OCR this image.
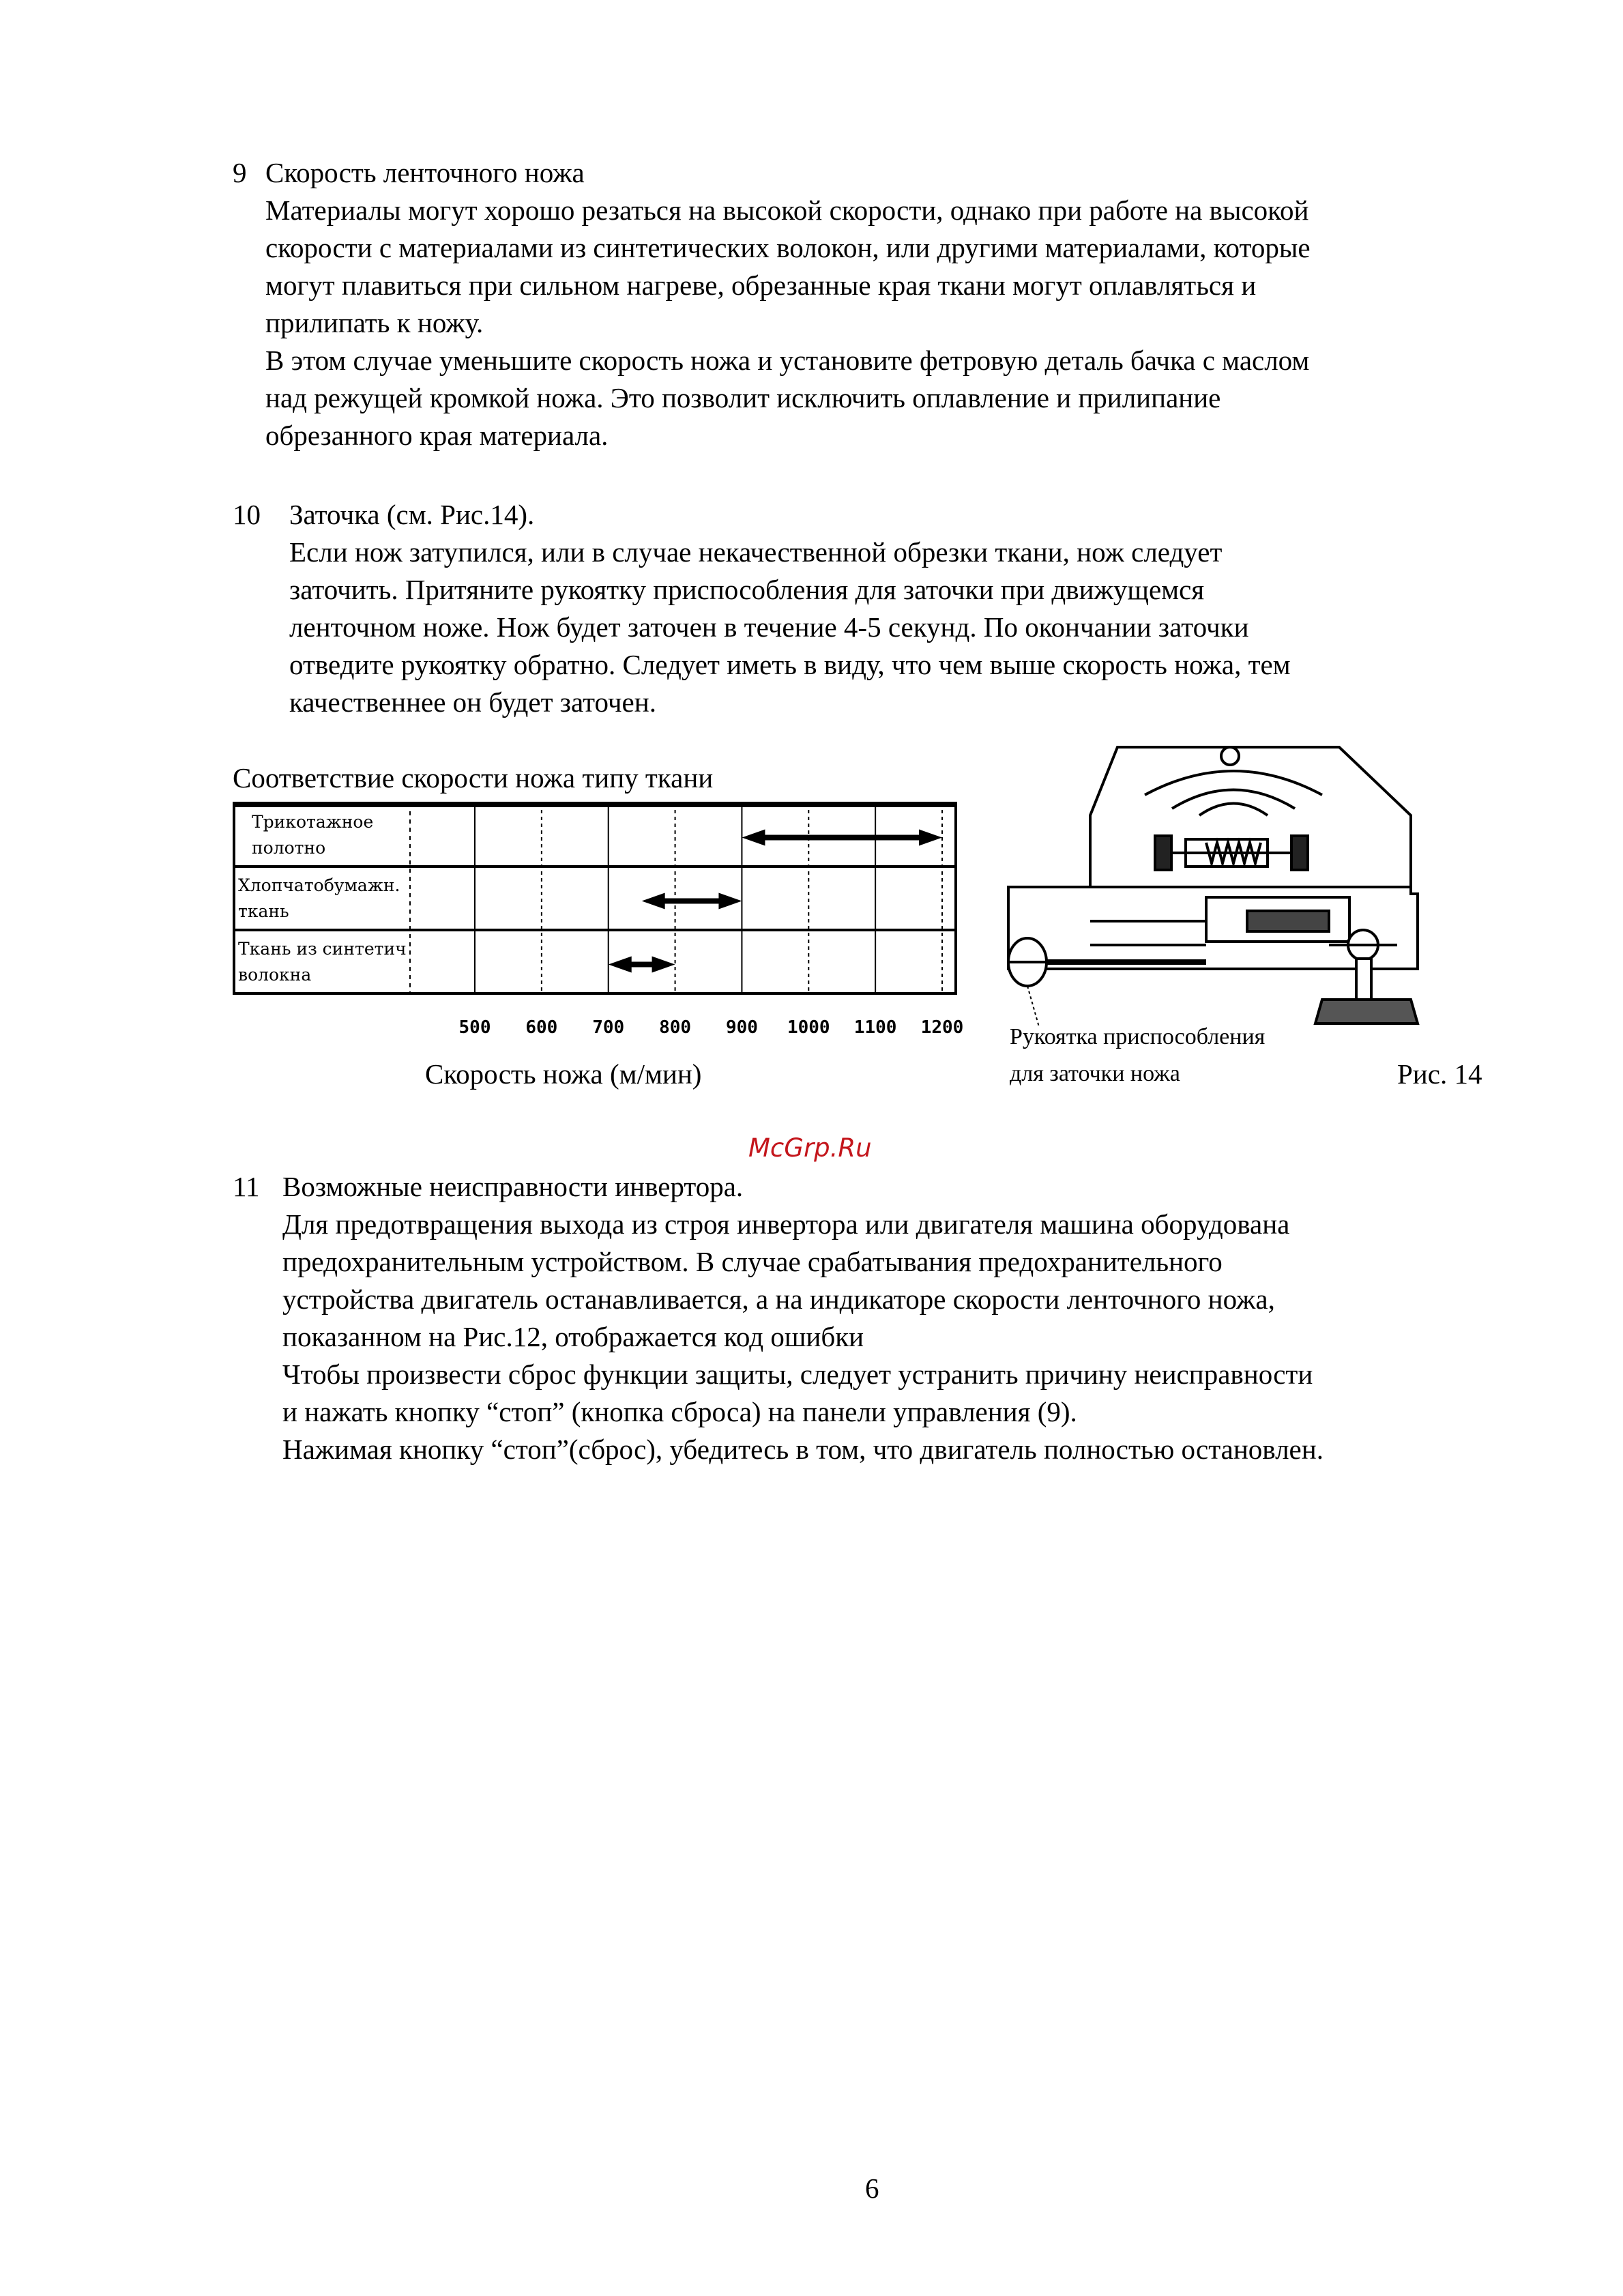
9 Скорость ленточного ножа
Материалы могут хорошо резаться на высокой скорости, однако при работе на высокой
скорости с материалами из синтетических волокон, или другими материалами, которые
могут плавиться при сильном нагреве, обрезанные края ткани могут оплавляться и
прилипать к ножу.
В этом случае уменьшите скорость ножа и установите фетровую деталь бачка с маслом
над режущей кромкой ножа. Это позволит исключить оплавление и прилипание
обрезанного края материала.
10 Заточка (см. Рис.14).
Если нож затупился, или в случае некачественной обрезки ткани, нож следует
заточить. Притяните рукоятку приспособления для заточки при движущемся
ленточном ноже. Нож будет заточен в течение 4-5 секунд. По окончании заточки
отведите рукоятку обратно. Следует иметь в виду, что чем выше скорость ножа, тем
качественнее он будет заточен.
Соответствие скорости ножа типу ткани
500 600 700 800 900 1000 1100 1200
Трикотажное
полотно
Хлопчатобумажн.
ткань
Ткань из синтетич
волокна
Скорость ножа (м/мин)
Рукоятка приспособления
для заточки ножа	Рис. 14
McGrp.Ru
11 Возможные неисправности инвертора.
Для предотвращения выхода из строя инвертора или двигателя машина оборудована
предохранительным устройством. В случае срабатывания предохранительного
устройства двигатель останавливается, а на индикаторе скорости ленточного ножа,
показанном на Рис.12, отображается код ошибки
Чтобы произвести сброс функции защиты, следует устранить причину неисправности
и нажать кнопку “стоп” (кнопка сброса) на панели управления (9).
Нажимая кнопку “стоп”(сброс), убедитесь в том, что двигатель полностью остановлен.
6
